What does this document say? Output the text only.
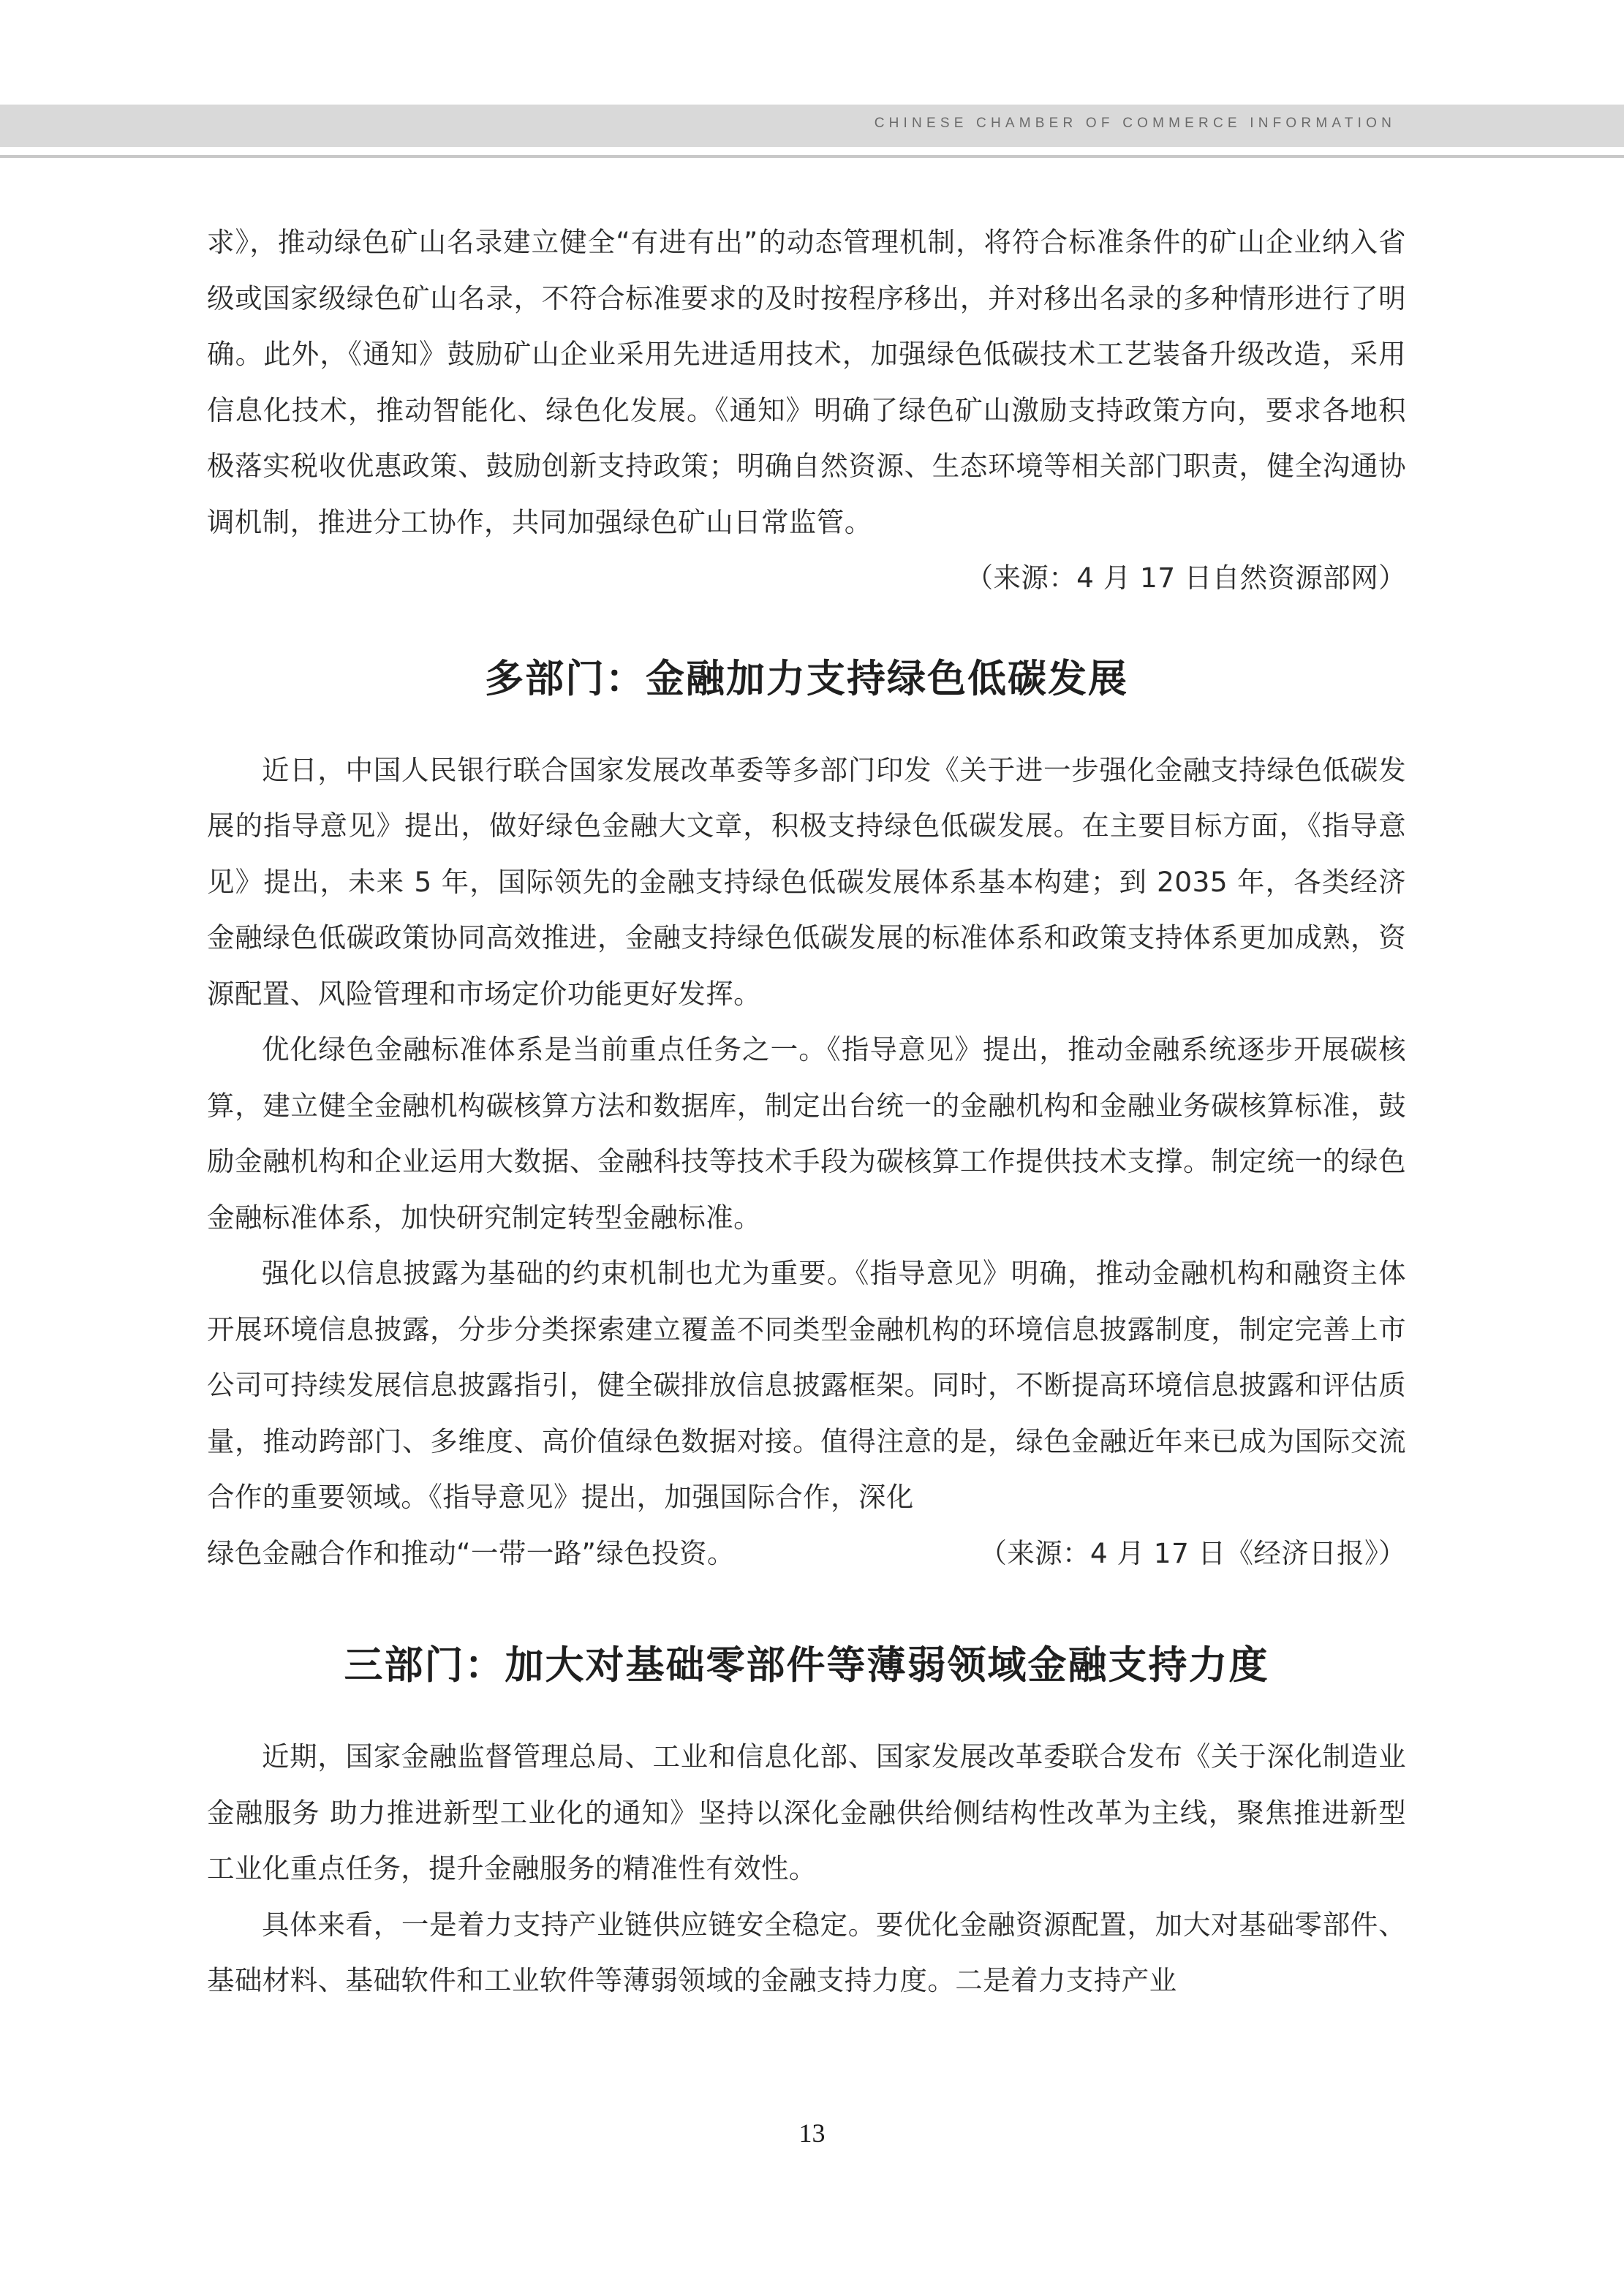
CHINESE CHAMBER OF COMMERCE INFORMATION

求》，推动绿色矿山名录建立健全“有进有出”的动态管理机制，将符合标准条件的矿山企业纳入省级或国家级绿色矿山名录，不符合标准要求的及时按程序移出，并对移出名录的多种情形进行了明确。此外，《通知》鼓励矿山企业采用先进适用技术，加强绿色低碳技术工艺装备升级改造，采用信息化技术，推动智能化、绿色化发展。《通知》明确了绿色矿山激励支持政策方向，要求各地积极落实税收优惠政策、鼓励创新支持政策；明确自然资源、生态环境等相关部门职责，健全沟通协调机制，推进分工协作，共同加强绿色矿山日常监管。

（来源：4 月 17 日自然资源部网）

多部门：金融加力支持绿色低碳发展

近日，中国人民银行联合国家发展改革委等多部门印发《关于进一步强化金融支持绿色低碳发展的指导意见》提出，做好绿色金融大文章，积极支持绿色低碳发展。在主要目标方面，《指导意见》提出，未来 5 年，国际领先的金融支持绿色低碳发展体系基本构建；到 2035 年，各类经济金融绿色低碳政策协同高效推进，金融支持绿色低碳发展的标准体系和政策支持体系更加成熟，资源配置、风险管理和市场定价功能更好发挥。

优化绿色金融标准体系是当前重点任务之一。《指导意见》提出，推动金融系统逐步开展碳核算，建立健全金融机构碳核算方法和数据库，制定出台统一的金融机构和金融业务碳核算标准，鼓励金融机构和企业运用大数据、金融科技等技术手段为碳核算工作提供技术支撑。制定统一的绿色金融标准体系，加快研究制定转型金融标准。

强化以信息披露为基础的约束机制也尤为重要。《指导意见》明确，推动金融机构和融资主体开展环境信息披露，分步分类探索建立覆盖不同类型金融机构的环境信息披露制度，制定完善上市公司可持续发展信息披露指引，健全碳排放信息披露框架。同时，不断提高环境信息披露和评估质量，推动跨部门、多维度、高价值绿色数据对接。值得注意的是，绿色金融近年来已成为国际交流合作的重要领域。《指导意见》提出，加强国际合作，深化

绿色金融合作和推动“一带一路”绿色投资。	（来源：4 月 17 日《经济日报》）
三部门：加大对基础零部件等薄弱领域金融支持力度

近期，国家金融监督管理总局、工业和信息化部、国家发展改革委联合发布《关于深化制造业金融服务 助力推进新型工业化的通知》坚持以深化金融供给侧结构性改革为主线，聚焦推进新型工业化重点任务，提升金融服务的精准性有效性。

具体来看，一是着力支持产业链供应链安全稳定。要优化金融资源配置，加大对基础零部件、基础材料、基础软件和工业软件等薄弱领域的金融支持力度。二是着力支持产业

13
